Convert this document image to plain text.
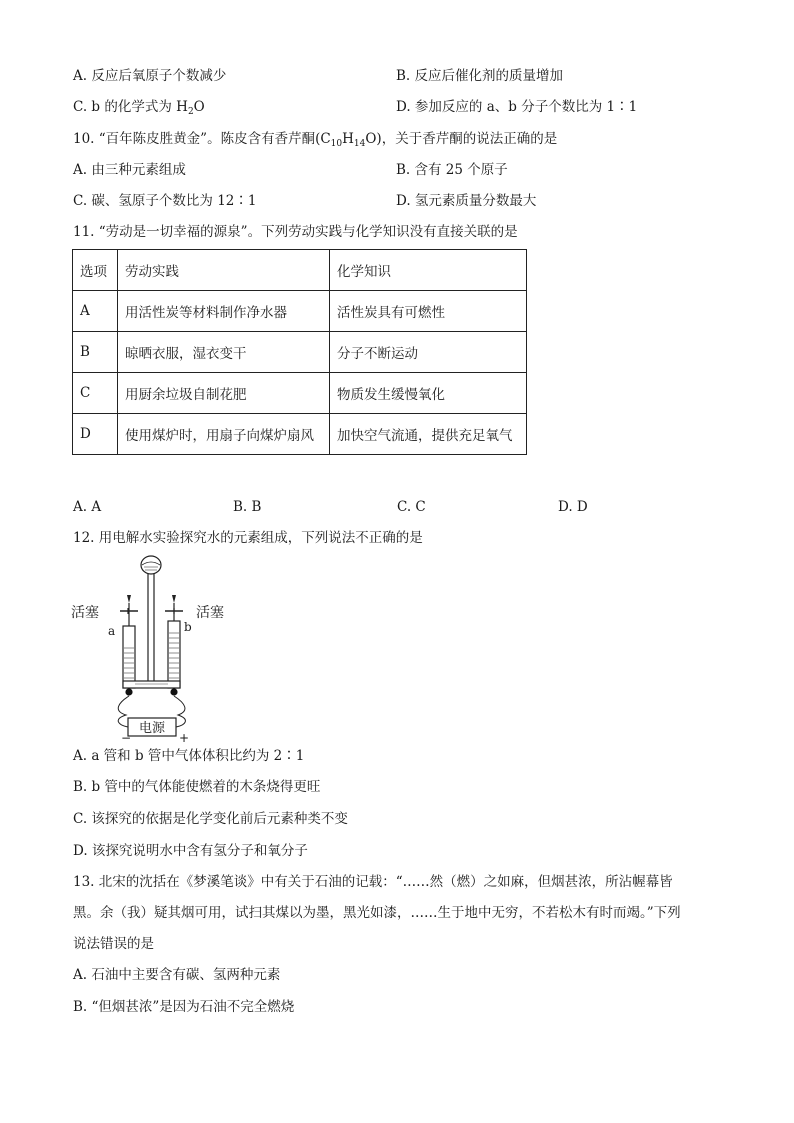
A. 反应后氧原子个数减少	B. 反应后催化剂的质量增加
C. b 的化学式为 $H_2O$	D. 参加反应的 a、b 分子个数比为 1∶1
10. “百年陈皮胜黄金”。陈皮含有香芹酮$(C_{10}H_{14}O)$，关于香芹酮的说法正确的是
A. 由三种元素组成	B. 含有 25 个原子
C. 碳、氢原子个数比为 12∶1	D. 氢元素质量分数最大
11. “劳动是一切幸福的源泉”。下列劳动实践与化学知识没有直接关联的是
选项	劳动实践	化学知识
A	用活性炭等材料制作净水器	活性炭具有可燃性
B	晾晒衣服，湿衣变干	分子不断运动
C	用厨余垃圾自制花肥	物质发生缓慢氧化
D	使用煤炉时，用扇子向煤炉扇风	加快空气流通，提供充足氧气
A. A	B. B	C. C	D. D
12. 用电解水实验探究水的元素组成，下列说法不正确的是
电源
−	+
活塞	活塞
a	b
A. a 管和 b 管中气体体积比约为 2∶1
B. b 管中的气体能使燃着的木条烧得更旺
C. 该探究的依据是化学变化前后元素种类不变
D. 该探究说明水中含有氢分子和氧分子
13. 北宋的沈括在《梦溪笔谈》中有关于石油的记载：“……然（燃）之如麻，但烟甚浓，所沾幄幕皆
黑。余（我）疑其烟可用，试扫其煤以为墨，黑光如漆，……生于地中无穷，不若松木有时而竭。”下列
说法错误的是
A. 石油中主要含有碳、氢两种元素
B. “但烟甚浓”是因为石油不完全燃烧
